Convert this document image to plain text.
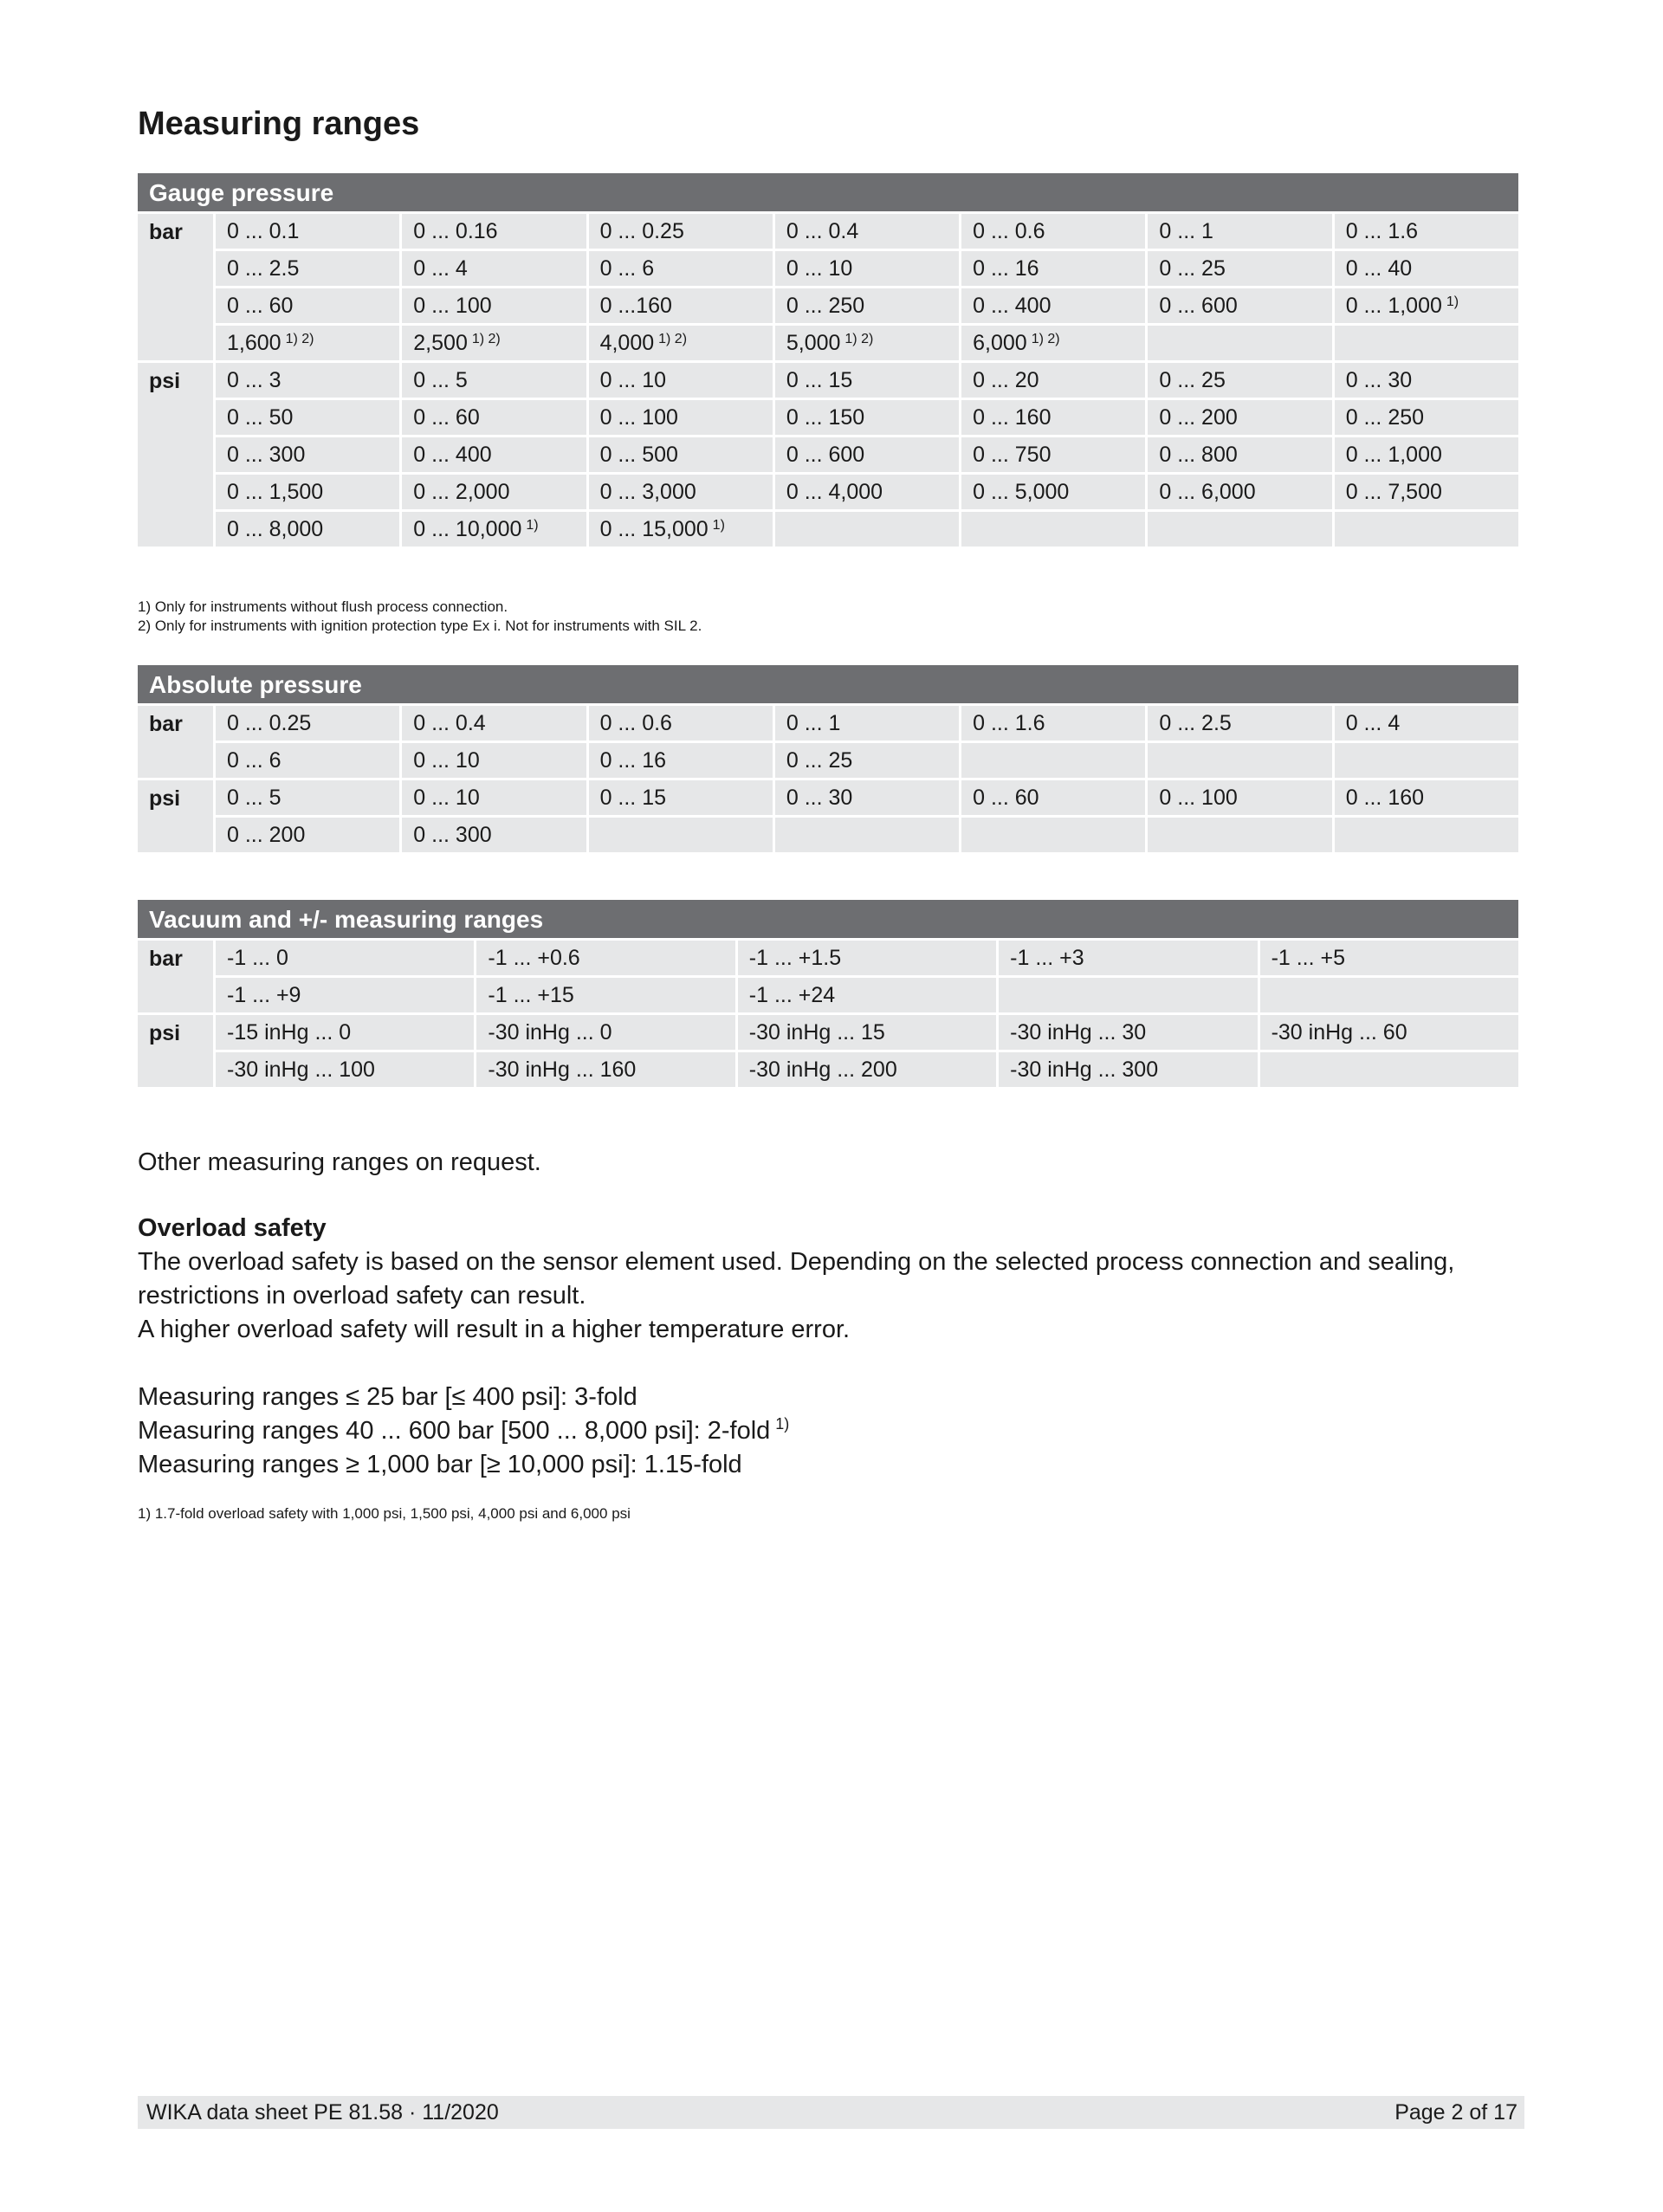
Measuring ranges
Gauge pressure
bar	0 ... 0.1	0 ... 0.16	0 ... 0.25	0 ... 0.4	0 ... 0.6	0 ... 1	0 ... 1.6
	0 ... 2.5	0 ... 4	0 ... 6	0 ... 10	0 ... 16	0 ... 25	0 ... 40
	0 ... 60	0 ... 100	0 ...160	0 ... 250	0 ... 400	0 ... 600	0 ... 1,000 $^{1)}$
	1,600 $^{1) 2)}$	2,500 $^{1) 2)}$	4,000 $^{1) 2)}$	5,000 $^{1) 2)}$	6,000 $^{1) 2)}$		
psi	0 ... 3	0 ... 5	0 ... 10	0 ... 15	0 ... 20	0 ... 25	0 ... 30
	0 ... 50	0 ... 60	0 ... 100	0 ... 150	0 ... 160	0 ... 200	0 ... 250
	0 ... 300	0 ... 400	0 ... 500	0 ... 600	0 ... 750	0 ... 800	0 ... 1,000
	0 ... 1,500	0 ... 2,000	0 ... 3,000	0 ... 4,000	0 ... 5,000	0 ... 6,000	0 ... 7,500
	0 ... 8,000	0 ... 10,000 $^{1)}$	0 ... 15,000 $^{1)}$				

1) Only for instruments without flush process connection.

2) Only for instruments with ignition protection type Ex i. Not for instruments with SIL 2.

Absolute pressure
bar	0 ... 0.25	0 ... 0.4	0 ... 0.6	0 ... 1	0 ... 1.6	0 ... 2.5	0 ... 4
	0 ... 6	0 ... 10	0 ... 16	0 ... 25			
psi	0 ... 5	0 ... 10	0 ... 15	0 ... 30	0 ... 60	0 ... 100	0 ... 160
	0 ... 200	0 ... 300					
Vacuum and +/- measuring ranges
bar	-1 ... 0	-1 ... +0.6	-1 ... +1.5	-1 ... +3	-1 ... +5
	-1 ... +9	-1 ... +15	-1 ... +24		
psi	-15 inHg ... 0	-30 inHg ... 0	-30 inHg ... 15	-30 inHg ... 30	-30 inHg ... 60
	-30 inHg ... 100	-30 inHg ... 160	-30 inHg ... 200	-30 inHg ... 300	

Other measuring ranges on request.

Overload safety

The overload safety is based on the sensor element used. Depending on the selected process connection and sealing, restrictions in overload safety can result.

A higher overload safety will result in a higher temperature error.

Measuring ranges ≤ 25 bar [≤ 400 psi]: 3-fold

Measuring ranges 40 ... 600 bar [500 ... 8,000 psi]: 2-fold $^{1)}$

Measuring ranges ≥ 1,000 bar [≥ 10,000 psi]: 1.15-fold

1) 1.7-fold overload safety with 1,000 psi, 1,500 psi, 4,000 psi and 6,000 psi

WIKA data sheet PE 81.58 · 11/2020	Page 2 of 17
